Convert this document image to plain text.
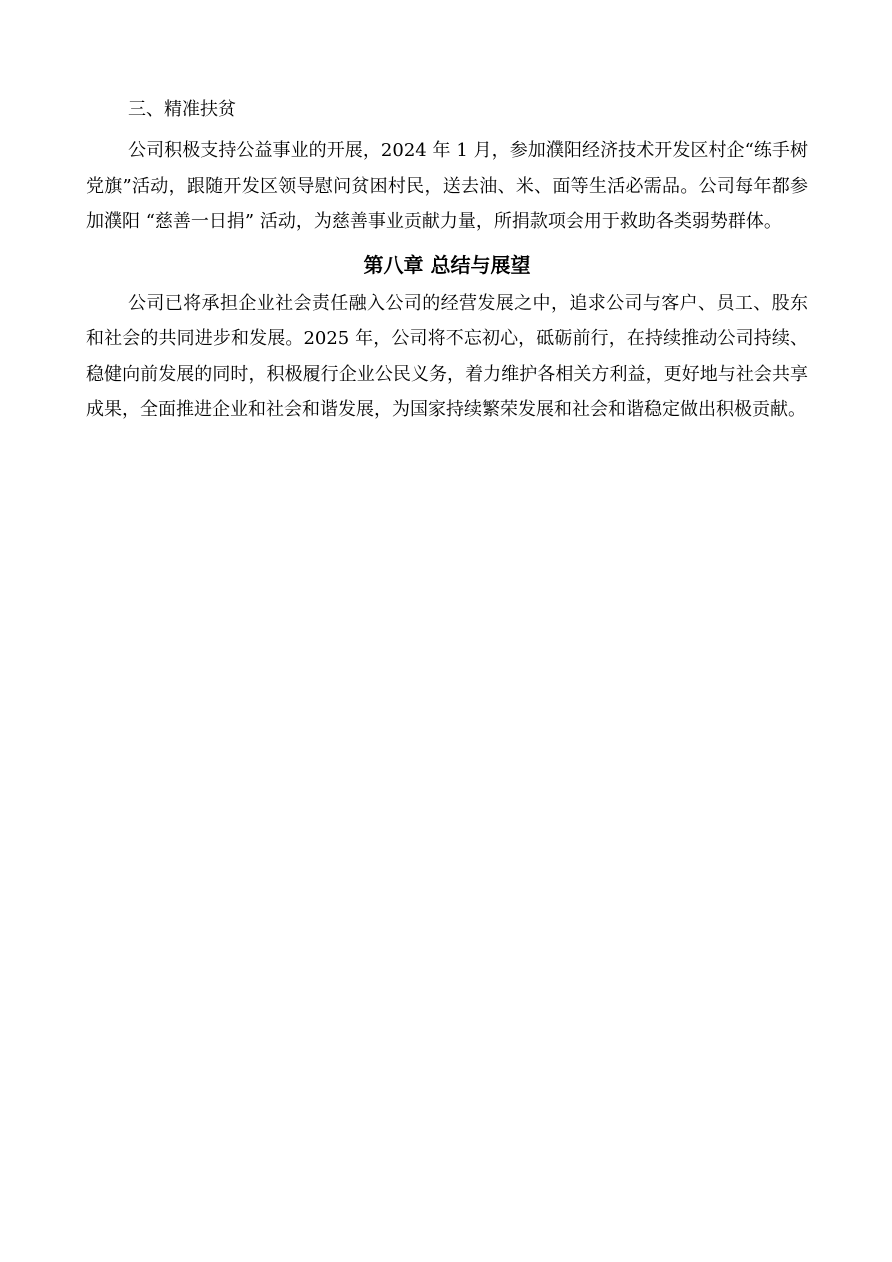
三、精准扶贫

公司积极支持公益事业的开展，2024 年 1 月，参加濮阳经济技术开发区村企“练手树党旗”活动，跟随开发区领导慰问贫困村民，送去油、米、面等生活必需品。公司每年都参加濮阳 “慈善一日捐” 活动，为慈善事业贡献力量，所捐款项会用于救助各类弱势群体。

第八章 总结与展望

公司已将承担企业社会责任融入公司的经营发展之中，追求公司与客户、员工、股东和社会的共同进步和发展。2025 年，公司将不忘初心，砥砺前行，在持续推动公司持续、稳健向前发展的同时，积极履行企业公民义务，着力维护各相关方利益，更好地与社会共享成果，全面推进企业和社会和谐发展，为国家持续繁荣发展和社会和谐稳定做出积极贡献。
